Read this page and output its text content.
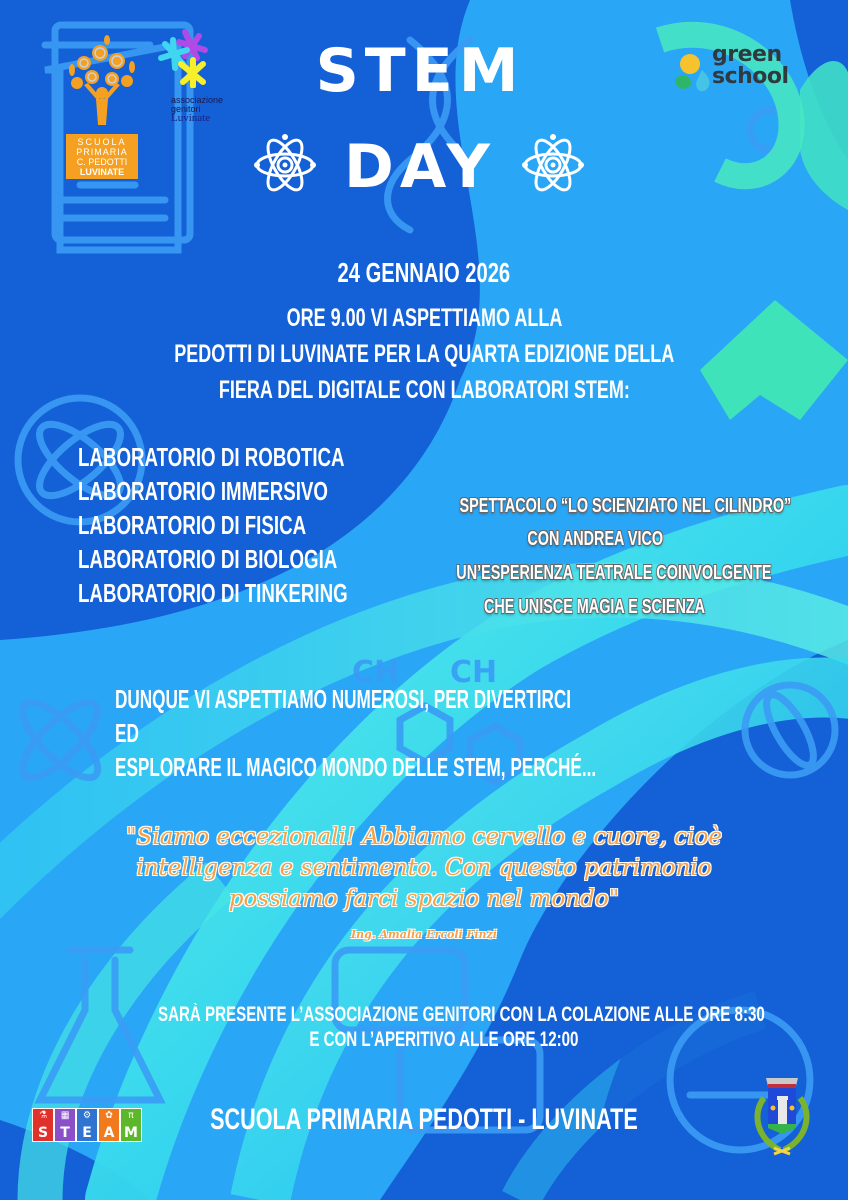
CH CH
SCUOLA
PRIMARIA
C. PEDOTTI
LUVINATE
associazione
genitori
Luvinate
STEM
DAY
green
school
24 GENNAIO 2026
ORE 9.00 VI ASPETTIAMO ALLA
PEDOTTI DI LUVINATE PER LA QUARTA EDIZIONE DELLA
FIERA DEL DIGITALE CON LABORATORI STEM:
LABORATORIO DI ROBOTICA
LABORATORIO IMMERSIVO
LABORATORIO DI FISICA
LABORATORIO DI BIOLOGIA
LABORATORIO DI TINKERING
SPETTACOLO “LO SCIENZIATO NEL CILINDRO”
CON ANDREA VICO
UN’ESPERIENZA TEATRALE COINVOLGENTE
CHE UNISCE MAGIA E SCIENZA
DUNQUE VI ASPETTIAMO NUMEROSI, PER DIVERTIRCI
ED
ESPLORARE IL MAGICO MONDO DELLE STEM, PERCHÉ...
"Siamo eccezionali! Abbiamo cervello e cuore, cioè
intelligenza e sentimento. Con questo patrimonio
possiamo farci spazio nel mondo"
Ing. Amalia Ercoli Finzi
SARÀ PRESENTE L’ASSOCIAZIONE GENITORI CON LA COLAZIONE ALLE ORE 8:30
E CON L’APERITIVO ALLE ORE 12:00
⚗
S
▦
T
⚙
E
✿
A
π
M	SCUOLA PRIMARIA PEDOTTI - LUVINATE
